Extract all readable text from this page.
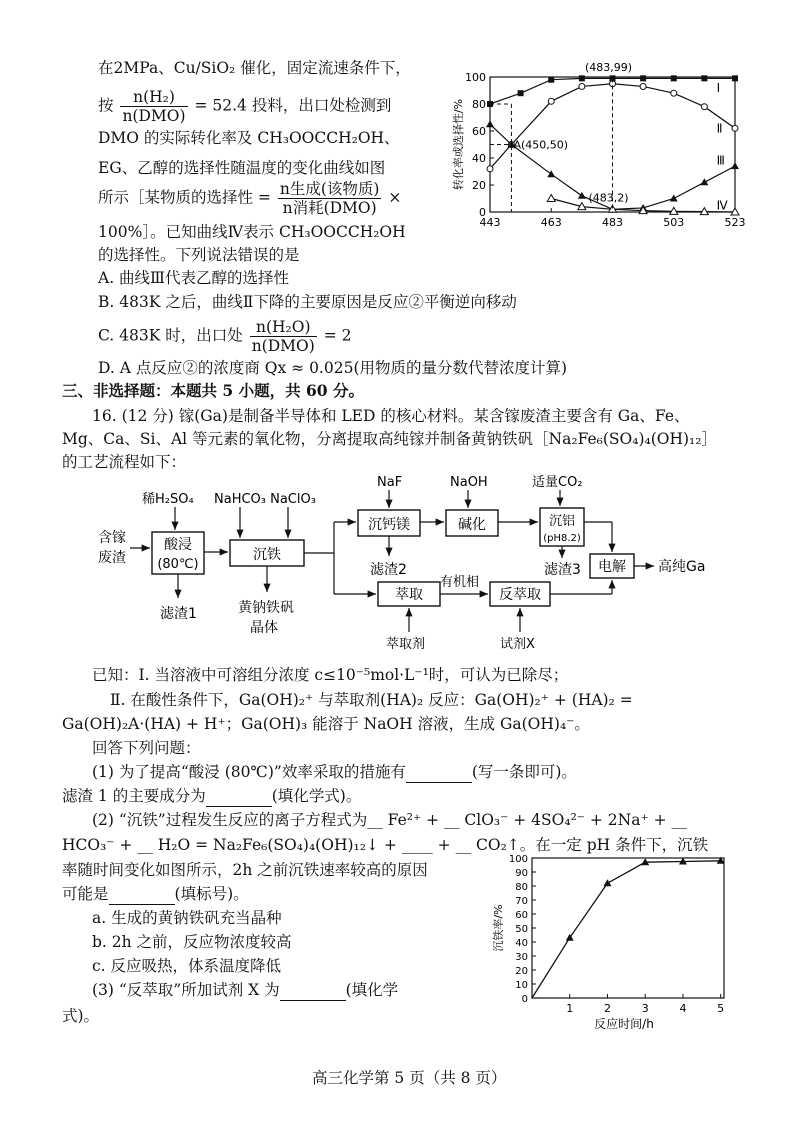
在2MPa、Cu/SiO₂ 催化，固定流速条件下，
按 $\frac{\text{n(H₂)}}{\text{n(DMO)}} = 52.4$ 投料，出口处检测到
DMO 的实际转化率及 CH₃OOCCH₂OH、
EG、乙醇的选择性随温度的变化曲线如图
所示［某物质的选择性 = $\frac{\text{n生成(该物质)}}{\text{n消耗(DMO)}}$ ×
100%］。已知曲线Ⅳ表示 CH₃OOCCH₂OH
的选择性。下列说法错误的是
A. 曲线Ⅲ代表乙醇的选择性
B. 483K 之后，曲线Ⅱ下降的主要原因是反应②平衡逆向移动
C. 483K 时，出口处 $\frac{\text{n(H₂O)}}{\text{n(DMO)}} = 2$
D. A 点反应②的浓度商 Qx ≈ 0.025(用物质的量分数代替浓度计算)
三、非选择题：本题共 5 小题，共 60 分。
16. (12 分) 镓(Ga)是制备半导体和 LED 的核心材料。某含镓废渣主要含有 Ga、Fe、
Mg、Ca、Si、Al 等元素的氧化物，分离提取高纯镓并制备黄钠铁矾［Na₂Fe₆(SO₄)₄(OH)₁₂］
的工艺流程如下：
含镓
废渣
稀H₂SO₄
酸浸
(80℃)
滤渣1
NaHCO₃ NaClO₃
沉铁
黄钠铁矾
晶体
NaF
沉钙镁
滤渣2
NaOH
碱化
适量CO₂
沉铝
(pH8.2)
滤渣3 电解 高纯Ga
萃取
萃取剂
有机相
反萃取
试剂X
已知：Ⅰ. 当溶液中可溶组分浓度 c≤10⁻⁵mol·L⁻¹时，可认为已除尽；
Ⅱ. 在酸性条件下，Ga(OH)₂⁺ 与萃取剂(HA)₂ 反应：Ga(OH)₂⁺ + (HA)₂ =
Ga(OH)₂A·(HA) + H⁺；Ga(OH)₃ 能溶于 NaOH 溶液，生成 Ga(OH)₄⁻。
回答下列问题：
(1) 为了提高“酸浸 (80℃)”效率采取的措施有	(写一条即可)。
滤渣 1 的主要成分为	(填化学式)。
(2) “沉铁”过程发生反应的离子方程式为__ Fe²⁺ + __ ClO₃⁻ + 4SO₄²⁻ + 2Na⁺ + __
HCO₃⁻ + __ H₂O = Na₂Fe₆(SO₄)₄(OH)₁₂↓ + ____ + __ CO₂↑。在一定 pH 条件下，沉铁
率随时间变化如图所示，2h 之前沉铁速率较高的原因
可能是	(填标号)。
a. 生成的黄钠铁矾充当晶种
b. 2h 之前，反应物浓度较高
c. 反应吸热，体系温度降低
(3) “反萃取”所加试剂 X 为	(填化学
式)。
高三化学第 5 页（共 8 页）
转化率或选择性/%
0
20
40
60
80
100
443	463	483	503	523
(483,99)
A(450,50)
(483,2)
Ⅰ
Ⅱ
Ⅲ
Ⅳ
沉铁率/%
反应时间/h
0
10
20
30
40
50
60
70
80
90
100
1	2	3	4	5
